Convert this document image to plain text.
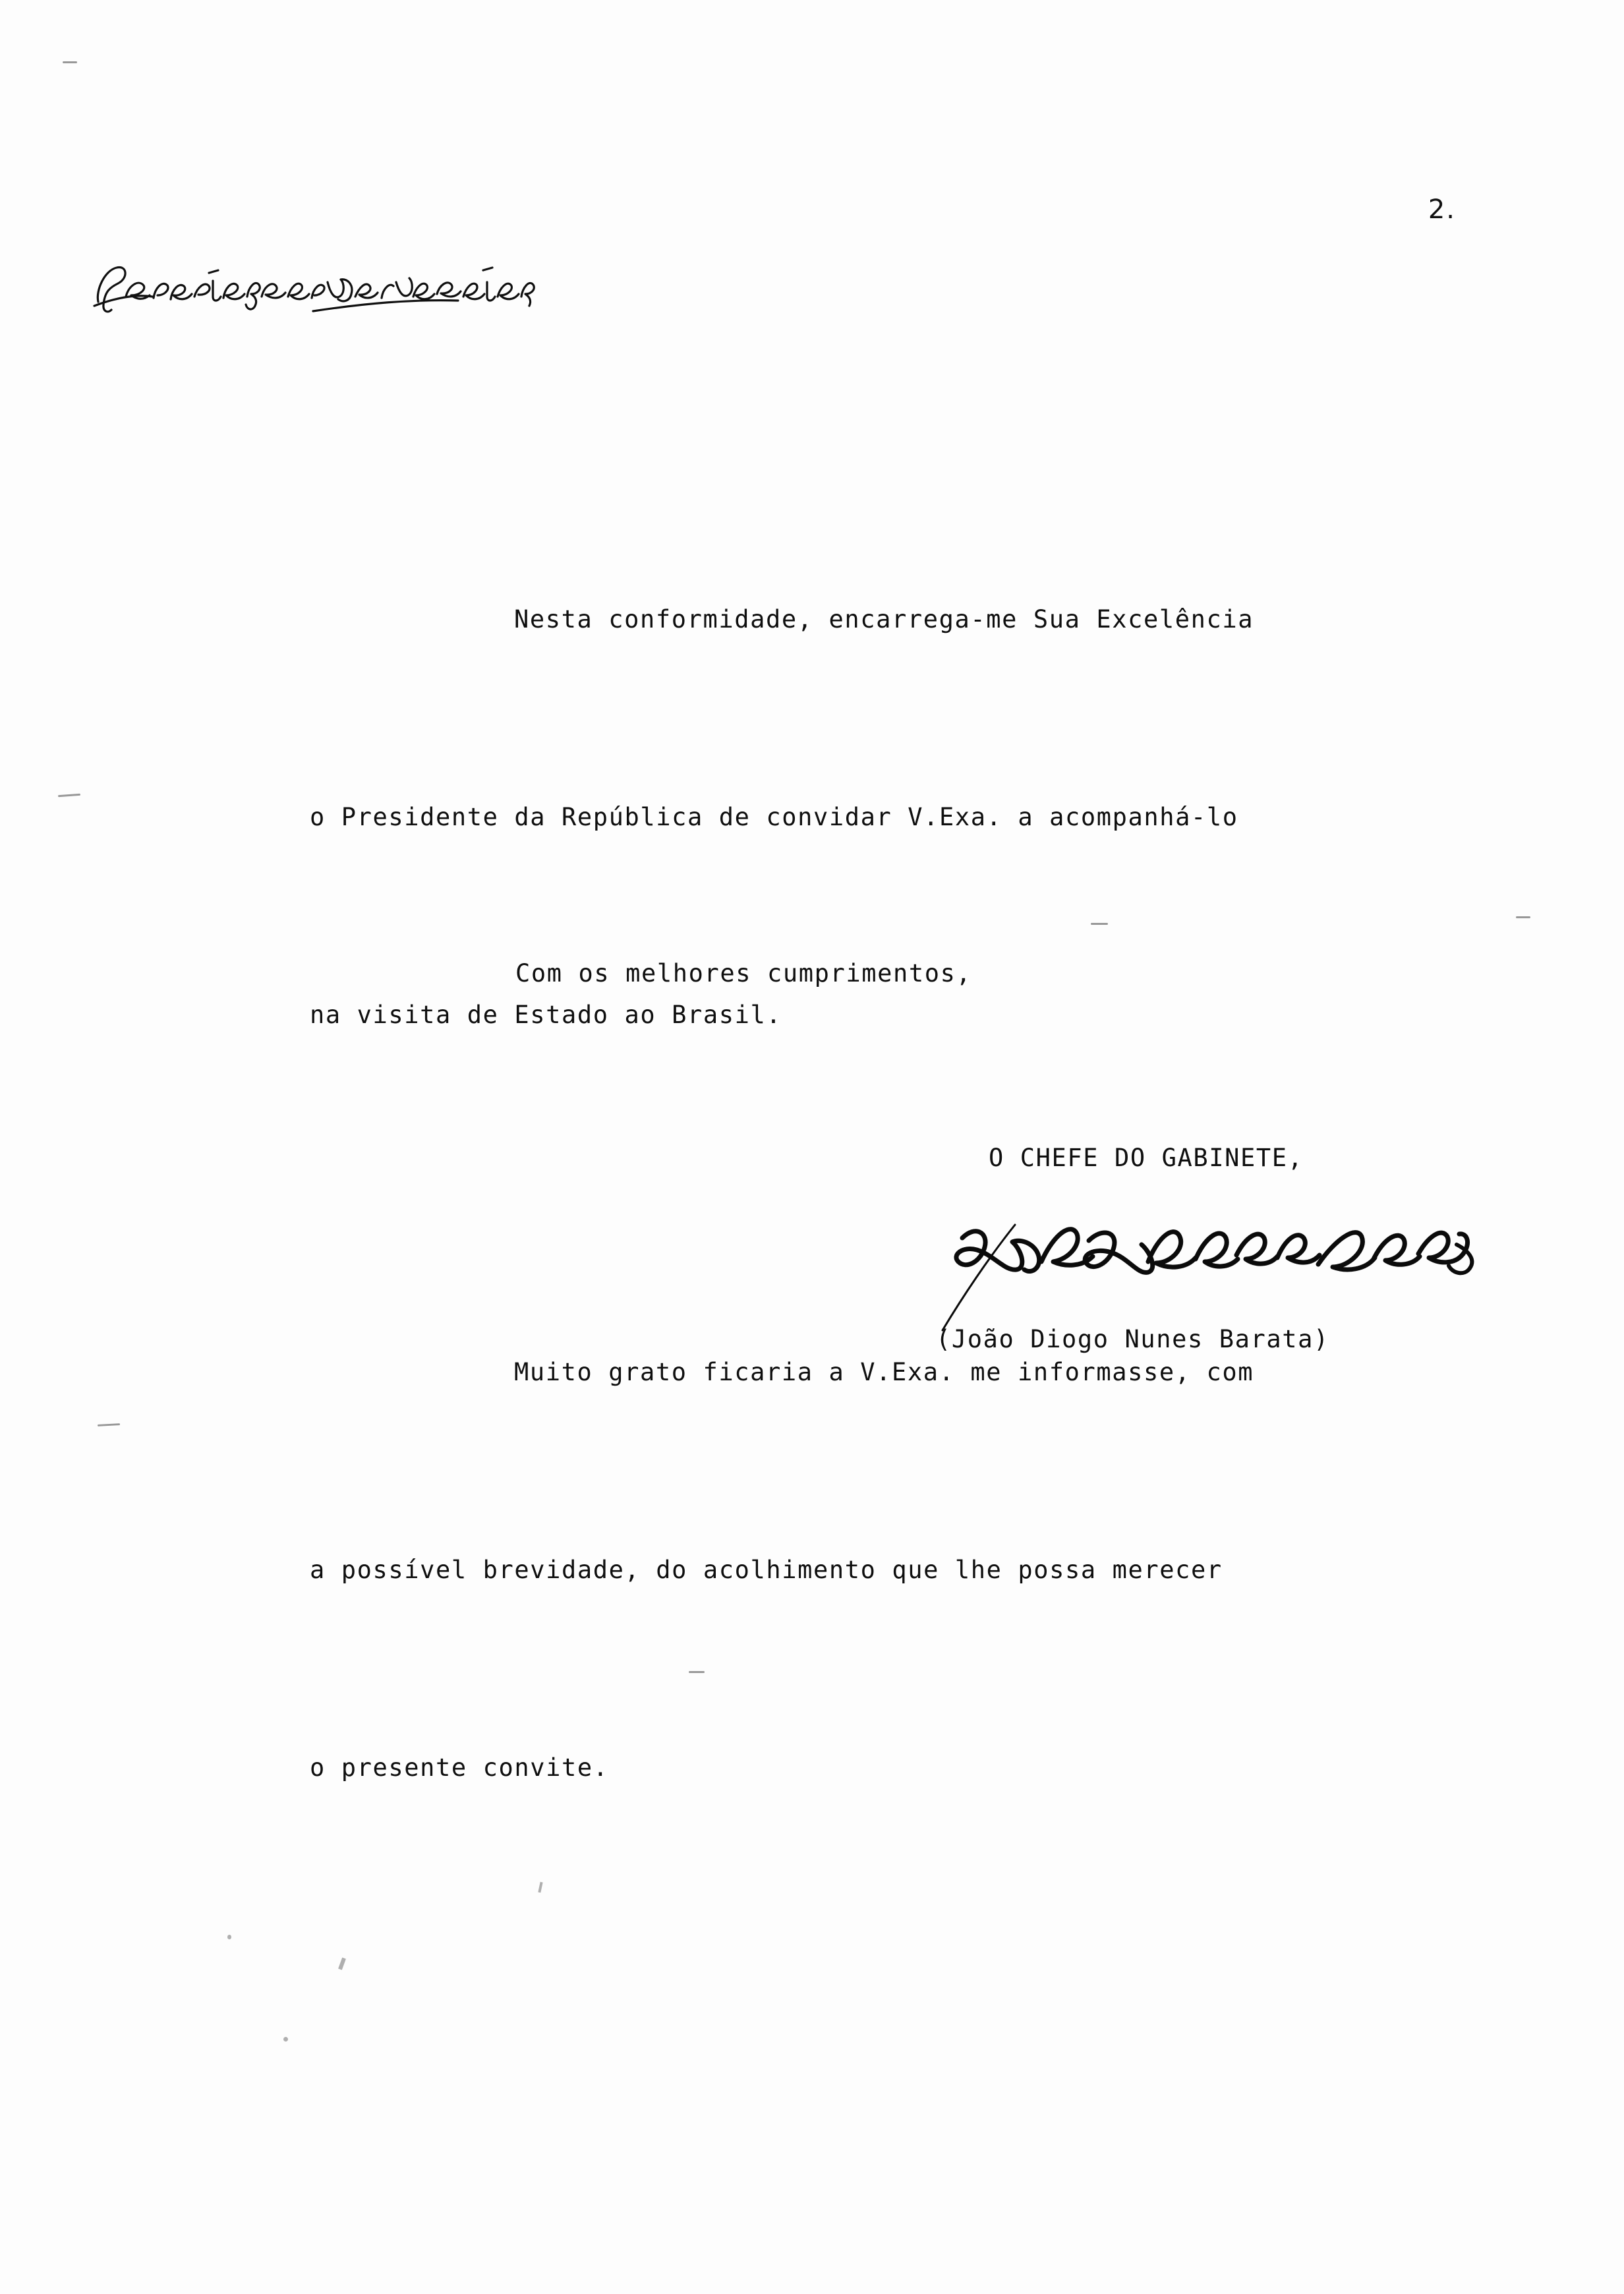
2.

Nesta conformidade, encarrega-me Sua Excelência

o Presidente da República de convidar V.Exa. a acompanhá-lo

na visita de Estado ao Brasil.

Muito grato ficaria a V.Exa. me informasse, com

a possível brevidade, do acolhimento que lhe possa merecer

o presente convite.

Com os melhores cumprimentos,
O CHEFE DO GABINETE,
(João Diogo Nunes Barata)
